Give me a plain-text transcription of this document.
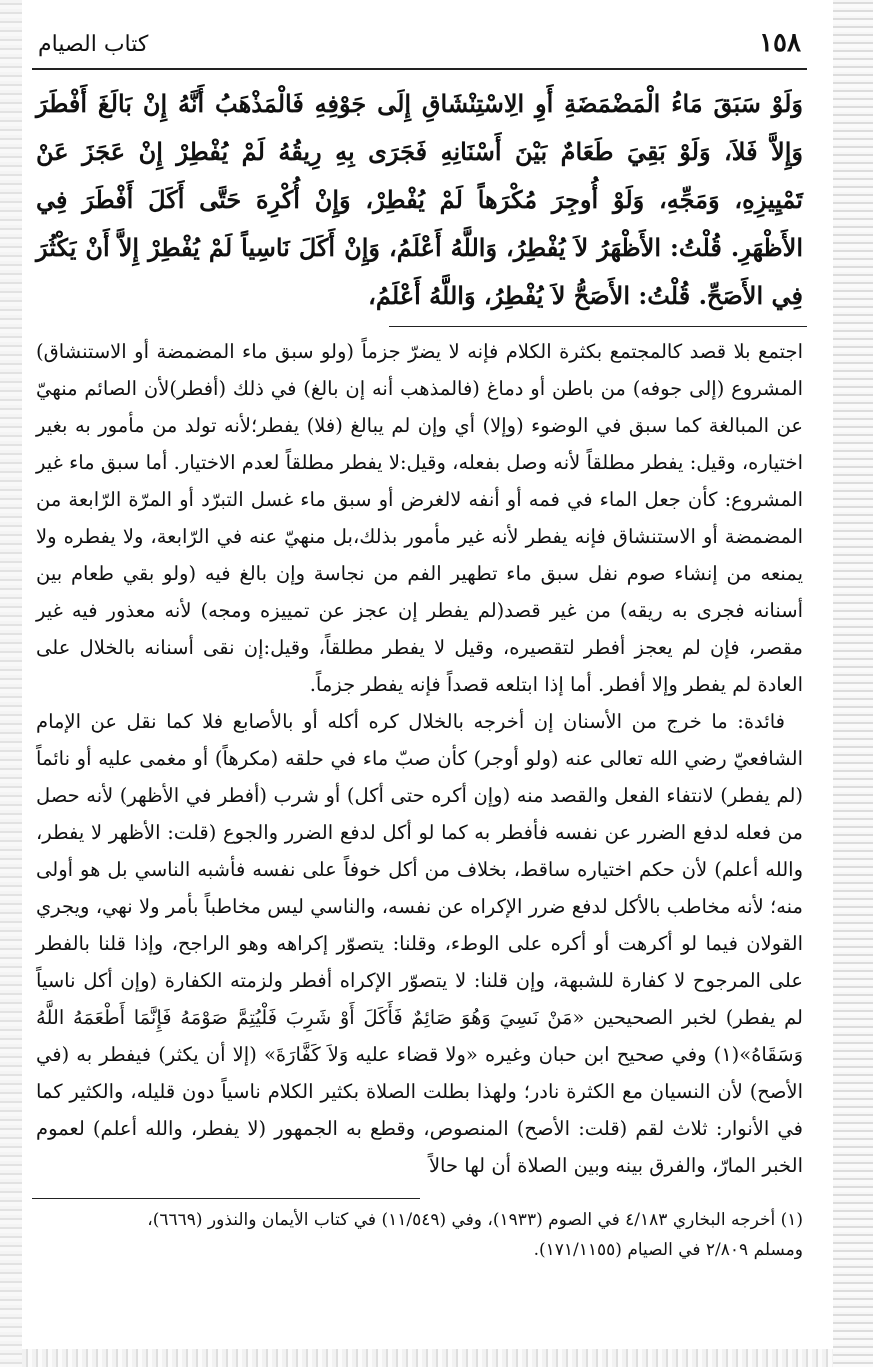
١٥٨
كتاب الصيام
وَلَوْ سَبَقَ مَاءُ الْمَضْمَضَةِ أَوِ الِاسْتِنْشَاقِ إِلَى جَوْفِهِ فَالْمَذْهَبُ أَنَّهُ إِنْ بَالَغَ أَفْطَرَ وَإِلاَّ فَلاَ، وَلَوْ بَقِيَ طَعَامٌ بَيْنَ أَسْنَانِهِ فَجَرَى بِهِ رِيقُهُ لَمْ يُفْطِرْ إِنْ عَجَزَ عَنْ تَمْيِيزِهِ، وَمَجِّهِ، وَلَوْ أُوجِرَ مُكْرَهاً لَمْ يُفْطِرْ، وَإِنْ أُكْرِهَ حَتَّى أَكَلَ أَفْطَرَ فِي الأَظْهَرِ. قُلْتُ: الأَظْهَرُ لاَ يُفْطِرُ، وَاللَّهُ أَعْلَمُ، وَإِنْ أَكَلَ نَاسِياً لَمْ يُفْطِرْ إِلاَّ أَنْ يَكْثُرَ فِي الأَصَحِّ. قُلْتُ: الأَصَحُّ لاَ يُفْطِرُ، وَاللَّهُ أَعْلَمُ،

اجتمع بلا قصد كالمجتمع بكثرة الكلام فإنه لا يضرّ جزماً (ولو سبق ماء المضمضة أو الاستنشاق) المشروع (إلى جوفه) من باطن أو دماغ (فالمذهب أنه إن بالغ) في ذلك (أفطر)لأن الصائم منهيّ عن المبالغة كما سبق في الوضوء (وإلا) أي وإن لم يبالغ (فلا) يفطر؛لأنه تولد من مأمور به بغير اختياره، وقيل: يفطر مطلقاً لأنه وصل بفعله، وقيل:لا يفطر مطلقاً لعدم الاختيار. أما سبق ماء غير المشروع: كأن جعل الماء في فمه أو أنفه لالغرض أو سبق ماء غسل التبرّد أو المرّة الرّابعة من المضمضة أو الاستنشاق فإنه يفطر لأنه غير مأمور بذلك،بل منهيّ عنه في الرّابعة، ولا يفطره ولا يمنعه من إنشاء صوم نفل سبق ماء تطهير الفم من نجاسة وإن بالغ فيه (ولو بقي طعام بين أسنانه فجرى به ريقه) من غير قصد(لم يفطر إن عجز عن تمييزه ومجه) لأنه معذور فيه غير مقصر، فإن لم يعجز أفطر لتقصيره، وقيل لا يفطر مطلقاً، وقيل:إن نقى أسنانه بالخلال على العادة لم يفطر وإلا أفطر. أما إذا ابتلعه قصداً فإنه يفطر جزماً.

فائدة: ما خرج من الأسنان إن أخرجه بالخلال كره أكله أو بالأصابع فلا كما نقل عن الإمام الشافعيّ رضي الله تعالى عنه (ولو أوجر) كأن صبّ ماء في حلقه (مكرهاً) أو مغمى عليه أو نائماً (لم يفطر) لانتفاء الفعل والقصد منه (وإن أكره حتى أكل) أو شرب (أفطر في الأظهر) لأنه حصل من فعله لدفع الضرر عن نفسه فأفطر به كما لو أكل لدفع الضرر والجوع (قلت: الأظهر لا يفطر، والله أعلم) لأن حكم اختياره ساقط، بخلاف من أكل خوفاً على نفسه فأشبه الناسي بل هو أولى منه؛ لأنه مخاطب بالأكل لدفع ضرر الإكراه عن نفسه، والناسي ليس مخاطباً بأمر ولا نهي، ويجري القولان فيما لو أكرهت أو أكره على الوطء، وقلنا: يتصوّر إكراهه وهو الراجح، وإذا قلنا بالفطر على المرجوح لا كفارة للشبهة، وإن قلنا: لا يتصوّر الإكراه أفطر ولزمته الكفارة (وإن أكل ناسياً لم يفطر) لخبر الصحيحين «مَنْ نَسِيَ وَهُوَ صَائِمٌ فَأَكَلَ أَوْ شَرِبَ فَلْيُتِمَّ صَوْمَهُ فَإِنَّمَا أَطْعَمَهُ اللَّهُ وَسَقَاهُ»(١) وفي صحيح ابن حبان وغيره «ولا قضاء عليه وَلاَ كَفَّارَةَ» (إلا أن يكثر) فيفطر به (في الأصح) لأن النسيان مع الكثرة نادر؛ ولهذا بطلت الصلاة بكثير الكلام ناسياً دون قليله، والكثير كما في الأنوار: ثلاث لقم (قلت: الأصح) المنصوص، وقطع به الجمهور (لا يفطر، والله أعلم) لعموم الخبر المارّ، والفرق بينه وبين الصلاة أن لها حالاً

(١) أخرجه البخاري ٤/١٨٣ في الصوم (١٩٣٣)، وفي (١١/٥٤٩) في كتاب الأيمان والنذور (٦٦٦٩)،
ومسلم ٢/٨٠٩ في الصيام (١٧١/١١٥٥).
